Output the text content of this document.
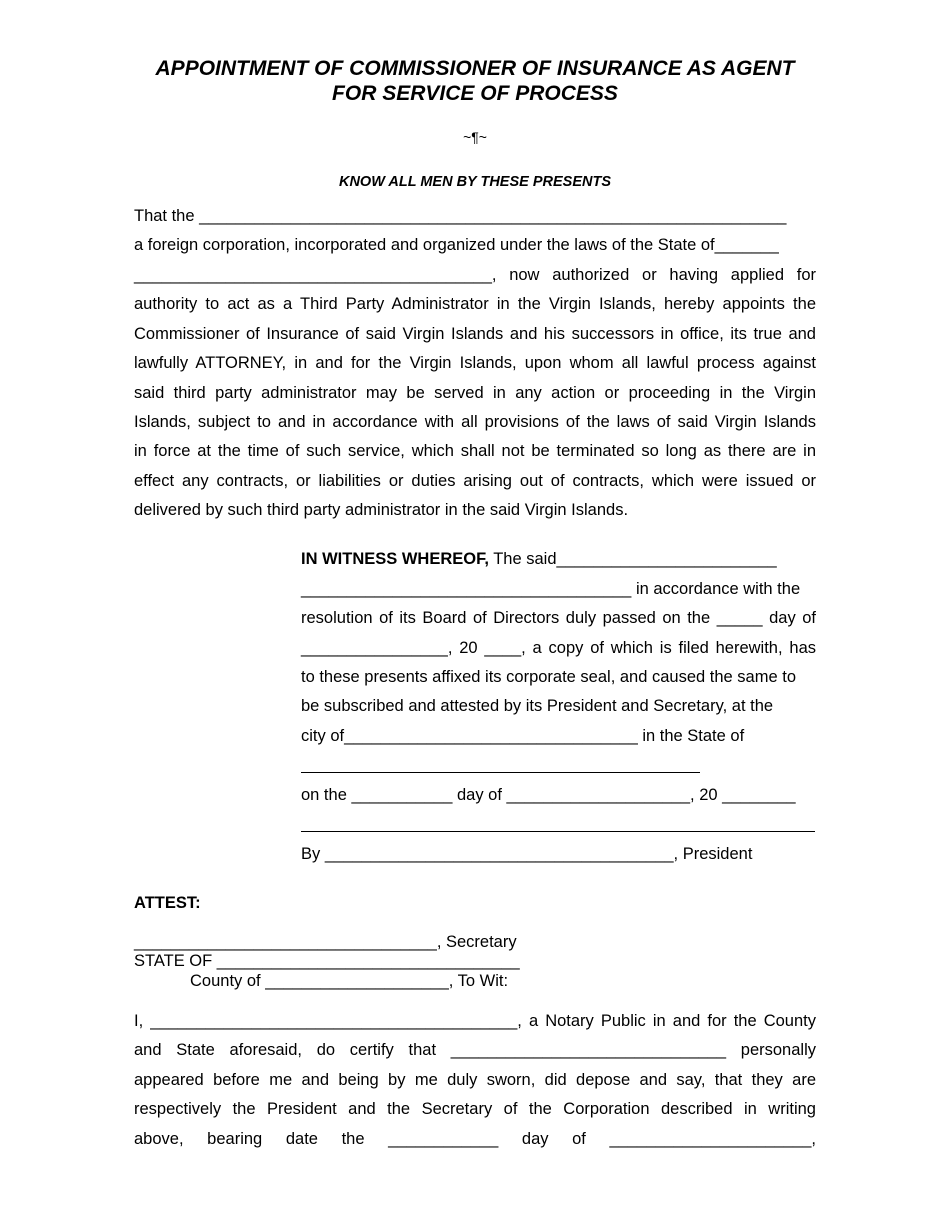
APPOINTMENT OF COMMISSIONER OF INSURANCE AS AGENT
FOR SERVICE OF PROCESS
~¶~
KNOW ALL MEN BY THESE PRESENTS
That the ________________________________________________________________
a foreign corporation, incorporated and organized under the laws of the State of_______
_______________________________________, now authorized or having applied for
authority to act as a Third Party Administrator in the Virgin Islands, hereby appoints the
Commissioner of Insurance of said Virgin Islands and his successors in office, its true and
lawfully ATTORNEY, in and for the Virgin Islands, upon whom all lawful process against
said third party administrator may be served in any action or proceeding in the Virgin
Islands, subject to and in accordance with all provisions of the laws of said Virgin Islands
in force at the time of such service, which shall not be terminated so long as there are in
effect any contracts, or liabilities or duties arising out of contracts, which were issued or
delivered by such third party administrator in the said Virgin Islands.
IN WITNESS WHEREOF, The said________________________
____________________________________ in accordance with the
resolution of its Board of Directors duly passed on the _____ day of
________________, 20 ____, a copy of which is filed herewith, has
to these presents affixed its corporate seal, and caused the same to
be subscribed and attested by its President and Secretary, at the
city of________________________________ in the State of
on the ___________ day of ____________________, 20 ________
By ______________________________________, President
ATTEST:
_________________________________, Secretary
STATE OF _________________________________
County of ____________________, To Wit:
I, ________________________________________, a Notary Public in and for the County
and State aforesaid, do certify that ______________________________ personally
appeared before me and being by me duly sworn, did depose and say, that they are
respectively the President and the Secretary of the Corporation described in writing
above, bearing date the ____________ day of ______________________,
